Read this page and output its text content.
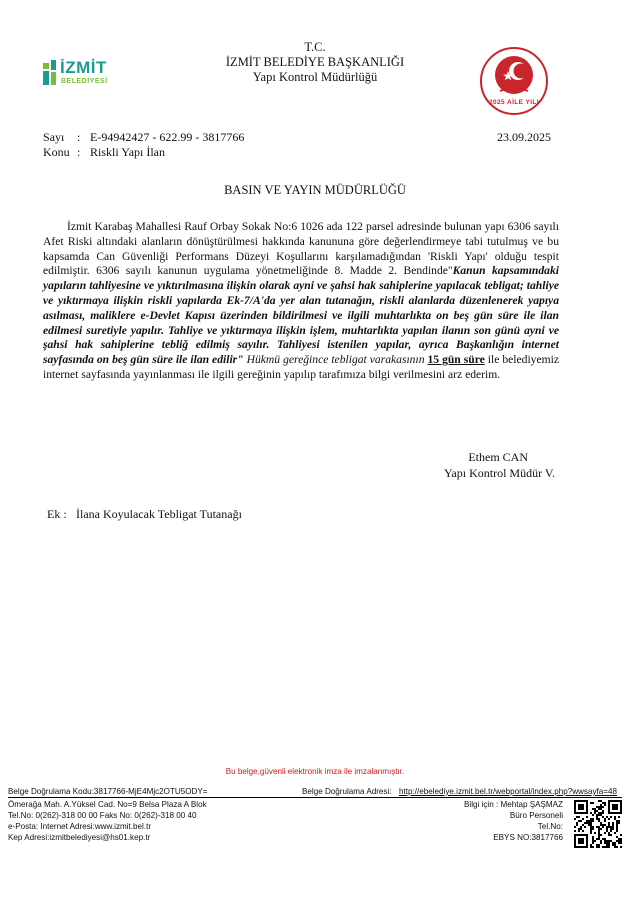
T.C.
İZMİT BELEDİYE BAŞKANLIĞI
Yapı Kontrol Müdürlüğü
İZMİT
BELEDİYESİ
2025 AİLE YILI
Sayı : E-94942427 - 622.99 - 3817766	23.09.2025
Konu : Riskli Yapı İlan
BASIN VE YAYIN MÜDÜRLÜĞÜ
İzmit Karabaş Mahallesi Rauf Orbay Sokak No:6 1026 ada 122 parsel adresinde bulunan yapı 6306 sayılı Afet Riski altındaki alanların dönüştürülmesi hakkında kanununa göre değerlendirmeye tabi tutulmuş ve bu kapsamda Can Güvenliği Performans Düzeyi Koşullarını karşılamadığından 'Riskli Yapı' olduğu tespit edilmiştir. 6306 sayılı kanunun uygulama yönetmeliğinde 8. Madde 2. Bendinde"Kanun kapsamındaki yapıların tahliyesine ve yıktırılmasına ilişkin olarak ayni ve şahsi hak sahiplerine yapılacak tebligat; tahliye ve yıktırmaya ilişkin riskli yapılarda Ek-7/A'da yer alan tutanağın, riskli alanlarda düzenlenerek yapıya asılması, maliklere e-Devlet Kapısı üzerinden bildirilmesi ve ilgili muhtarlıkta on beş gün süre ile ilan edilmesi suretiyle yapılır. Tahliye ve yıktırmaya ilişkin işlem, muhtarlıkta yapılan ilanın son günü ayni ve şahsi hak sahiplerine tebliğ edilmiş sayılır. Tahliyesi istenilen yapılar, ayrıca Başkanlığın internet sayfasında on beş gün süre ile ilan edilir" Hükmü gereğince tebligat varakasının 15 gün süre ile belediyemiz internet sayfasında yayınlanması ile ilgili gereğinin yapılıp tarafımıza bilgi verilmesini arz ederim.
Ethem CAN
Yapı Kontrol Müdür V.
Ek : İlana Koyulacak Tebligat Tutanağı
Bu belge,güvenli elektronik imza ile imzalanmıştır.
Belge Doğrulama Kodu:3817766-MjE4Mjc2OTU5ODY=	Belge Doğrulama Adresi: http://ebelediye.izmit.bel.tr/webportal/index.php?wwsayfa=48
Ömerağa Mah. A.Yüksel Cad. No=9 Belsa Plaza A Blok
Tel.No: 0(262)-318 00 00 Faks No: 0(262)-318 00 40
e-Posta: Internet Adresi:www.izmit.bel.tr
Kep Adresi:izmitbelediyesi@hs01.kep.tr
Bilgi için : Mehtap ŞAŞMAZ
Büro Personeli
Tel.No:
EBYS NO:3817766
